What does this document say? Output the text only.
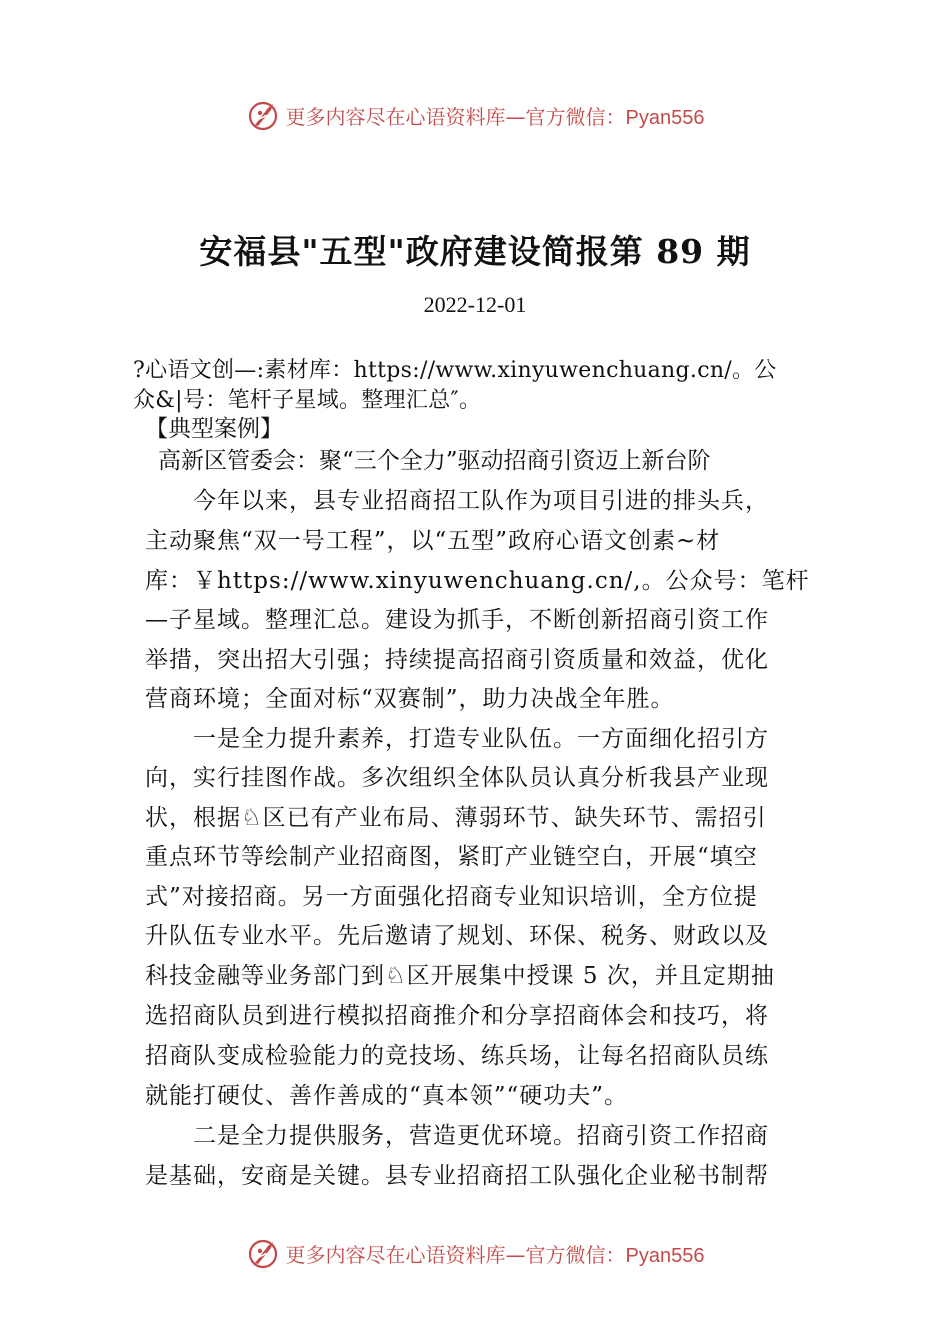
更多内容尽在心语资料库—官方微信：Pyan556
安福县"五型"政府建设简报第 89 期
2022-12-01
?心语文创—:素材库：https://www.xinyuwenchuang.cn/。公
众&|号：笔杆子星域。整理汇总″。
【典型案例】
高新区管委会：聚“三个全力”驱动招商引资迈上新台阶
　　今年以来，县专业招商招工队作为项目引进的排头兵，
主动聚焦“双一号工程”，以“五型”政府心语文创素~材
库：￥https://www.xinyuwenchuang.cn/,。公众号：笔杆
—子星域。整理汇总。建设为抓手，不断创新招商引资工作
举措，突出招大引强；持续提高招商引资质量和效益，优化
营商环境；全面对标“双赛制”，助力决战全年胜。
　　一是全力提升素养，打造专业队伍。一方面细化招引方
向，实行挂图作战。多次组织全体队员认真分析我县产业现
状，根据♘区已有产业布局、薄弱环节、缺失环节、需招引
重点环节等绘制产业招商图，紧盯产业链空白，开展“填空
式”对接招商。另一方面强化招商专业知识培训，全方位提
升队伍专业水平。先后邀请了规划、环保、税务、财政以及
科技金融等业务部门到♘区开展集中授课 5 次，并且定期抽
选招商队员到进行模拟招商推介和分享招商体会和技巧，将
招商队变成检验能力的竞技场、练兵场，让每名招商队员练
就能打硬仗、善作善成的“真本领”“硬功夫”。
　　二是全力提供服务，营造更优环境。招商引资工作招商
是基础，安商是关键。县专业招商招工队强化企业秘书制帮
更多内容尽在心语资料库—官方微信：Pyan556
